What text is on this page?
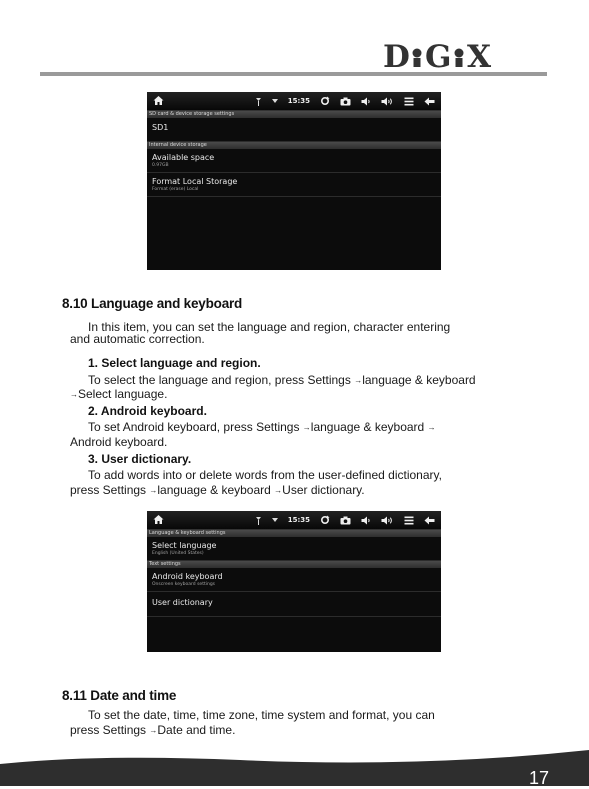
D G X
15:35
SD card & device storage settings
SD1
Internal device storage
Available space
0.97GB
Format Local Storage
Format (erase) Local
8.10 Language and keyboard
In this item, you can set the language and region, character entering
and automatic correction.
1. Select language and region.
To select the language and region, press Settings →language & keyboard
→Select language.
2. Android keyboard.
To set Android keyboard, press Settings →language & keyboard →
Android keyboard.
3. User dictionary.
To add words into or delete words from the user-defined dictionary,
press Settings →language & keyboard →User dictionary.
15:35
Language & keyboard settings
Select language
English (United States)
Text settings
Android keyboard
Onscreen keyboard settings
User dictionary
8.11 Date and time
To set the date, time, time zone, time system and format, you can
press Settings →Date and time.
17
